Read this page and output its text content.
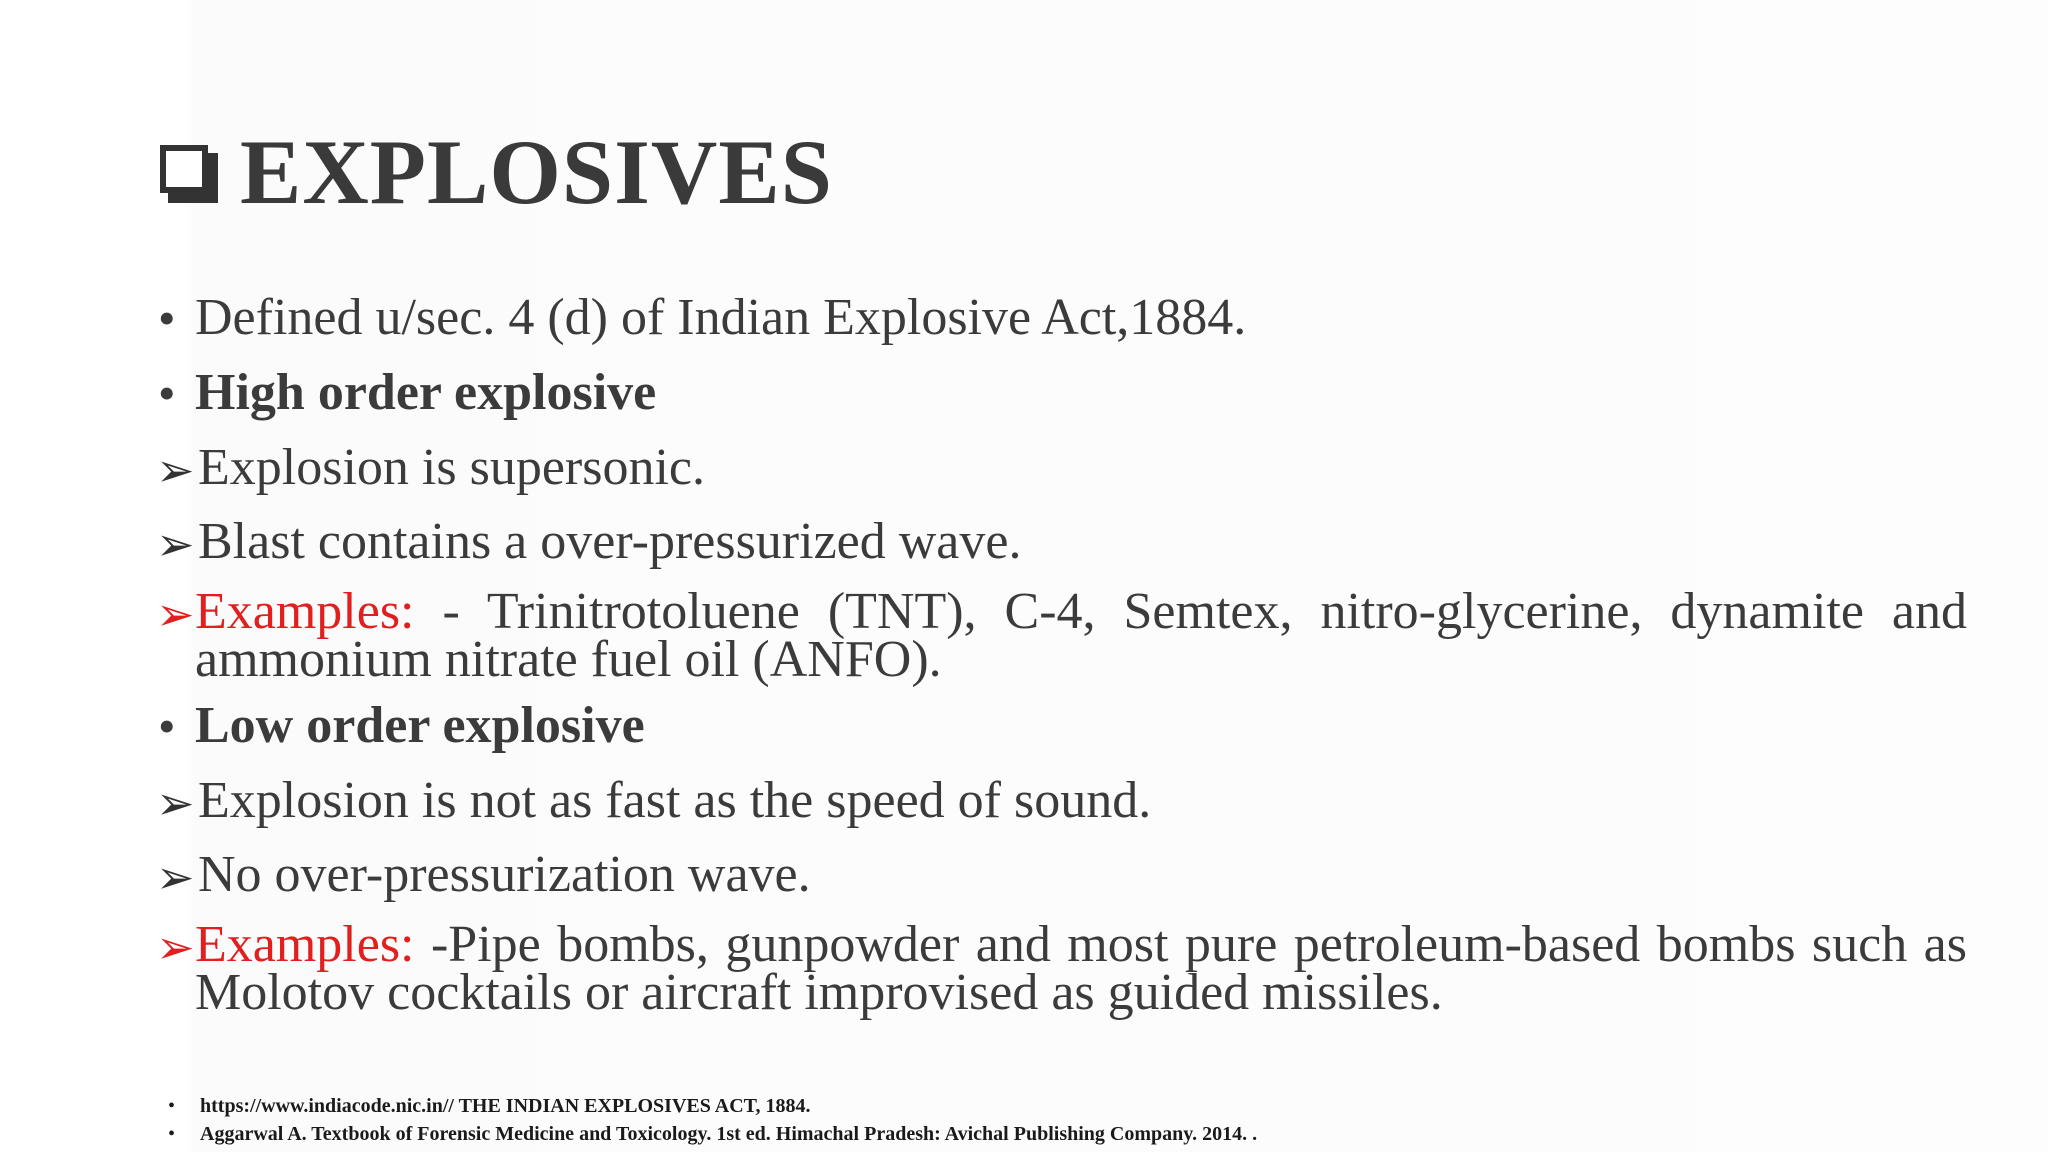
EXPLOSIVES
• Defined u/sec. 4 (d) of Indian Explosive Act,1884.
• High order explosive
➢ Explosion is supersonic.
➢ Blast contains a over-pressurized wave.
➢ Examples: - Trinitrotoluene (TNT), C-4, Semtex, nitro-glycerine, dynamite and ammonium nitrate fuel oil (ANFO).
• Low order explosive
➢ Explosion is not as fast as the speed of sound.
➢ No over-pressurization wave.
➢ Examples: -Pipe bombs, gunpowder and most pure petroleum-based bombs such as Molotov cocktails or aircraft improvised as guided missiles.
• https://www.indiacode.nic.in// THE INDIAN EXPLOSIVES ACT, 1884.
• Aggarwal A. Textbook of Forensic Medicine and Toxicology. 1st ed. Himachal Pradesh: Avichal Publishing Company. 2014. .
